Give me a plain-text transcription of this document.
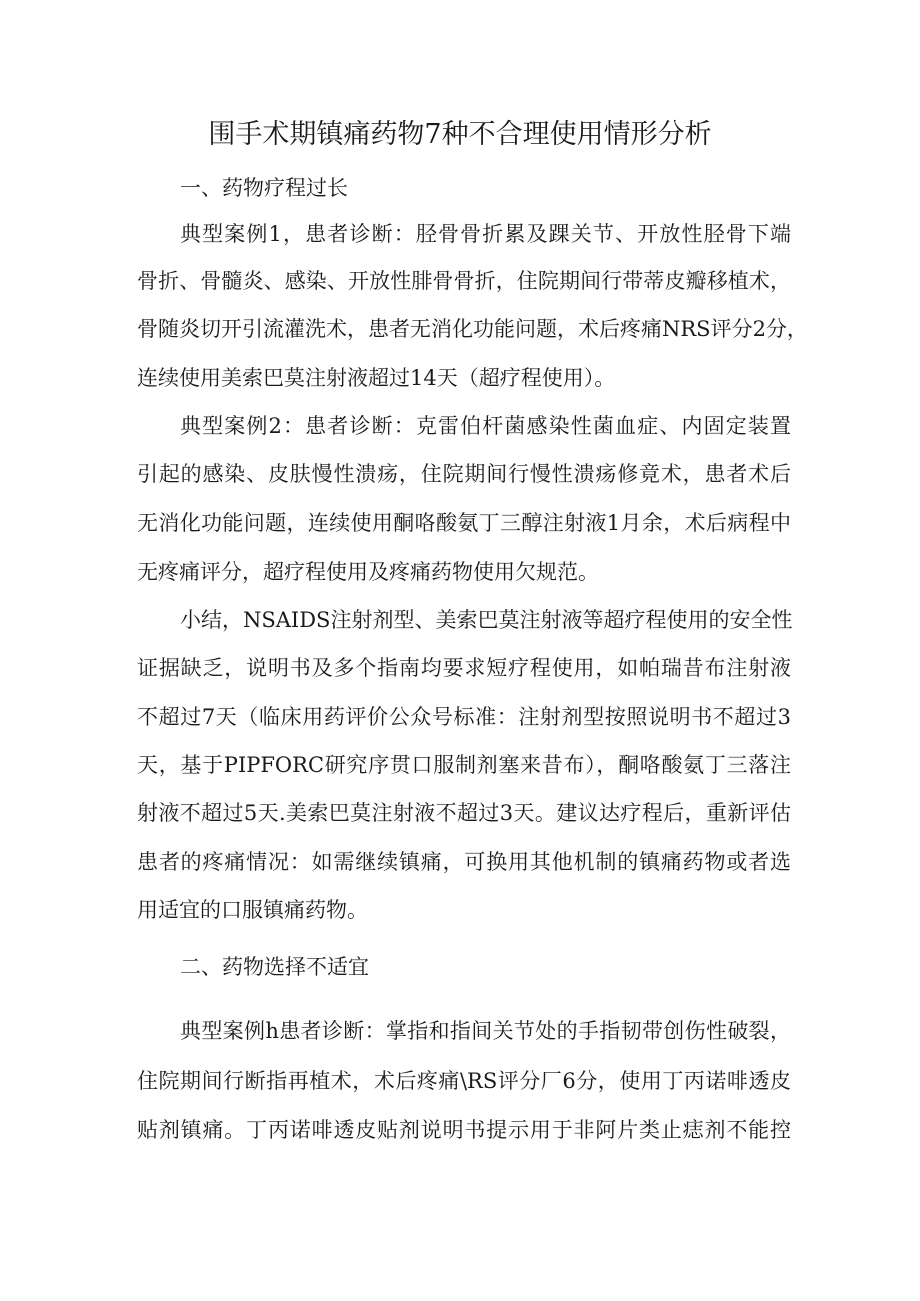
围手术期镇痛药物7种不合理使用情形分析
一、药物疗程过长
典型案例1，患者诊断：胫骨骨折累及踝关节、开放性胫骨下端
骨折、骨髓炎、感染、开放性腓骨骨折，住院期间行带蒂皮瓣移植术，
骨随炎切开引流灌洗术，患者无消化功能问题，术后疼痛NRS评分2分，
连续使用美索巴莫注射液超过14天（超疗程使用）。
典型案例2：患者诊断：克雷伯杆菌感染性菌血症、内固定装置
引起的感染、皮肤慢性溃疡，住院期间行慢性溃疡修竟术，患者术后
无消化功能问题，连续使用酮咯酸氨丁三醇注射液1月余，术后病程中
无疼痛评分，超疗程使用及疼痛药物使用欠规范。
小结，NSAIDS注射剂型、美索巴莫注射液等超疗程使用的安全性
证据缺乏，说明书及多个指南均要求短疗程使用，如帕瑞昔布注射液
不超过7天（临床用药评价公众号标准：注射剂型按照说明书不超过3
天，基于PIPFORC研究序贯口服制剂塞来昔布），酮咯酸氨丁三落注
射液不超过5天.美索巴莫注射液不超过3天。建议达疗程后，重新评估
患者的疼痛情况：如需继续镇痛，可换用其他机制的镇痛药物或者选
用适宜的口服镇痛药物。
二、药物选择不适宜
典型案例h患者诊断：掌指和指间关节处的手指韧带创伤性破裂，
住院期间行断指再植术，术后疼痛\RS评分厂6分，使用丁丙诺啡透皮
贴剂镇痛。丁丙诺啡透皮贴剂说明书提示用于非阿片类止痣剂不能控
